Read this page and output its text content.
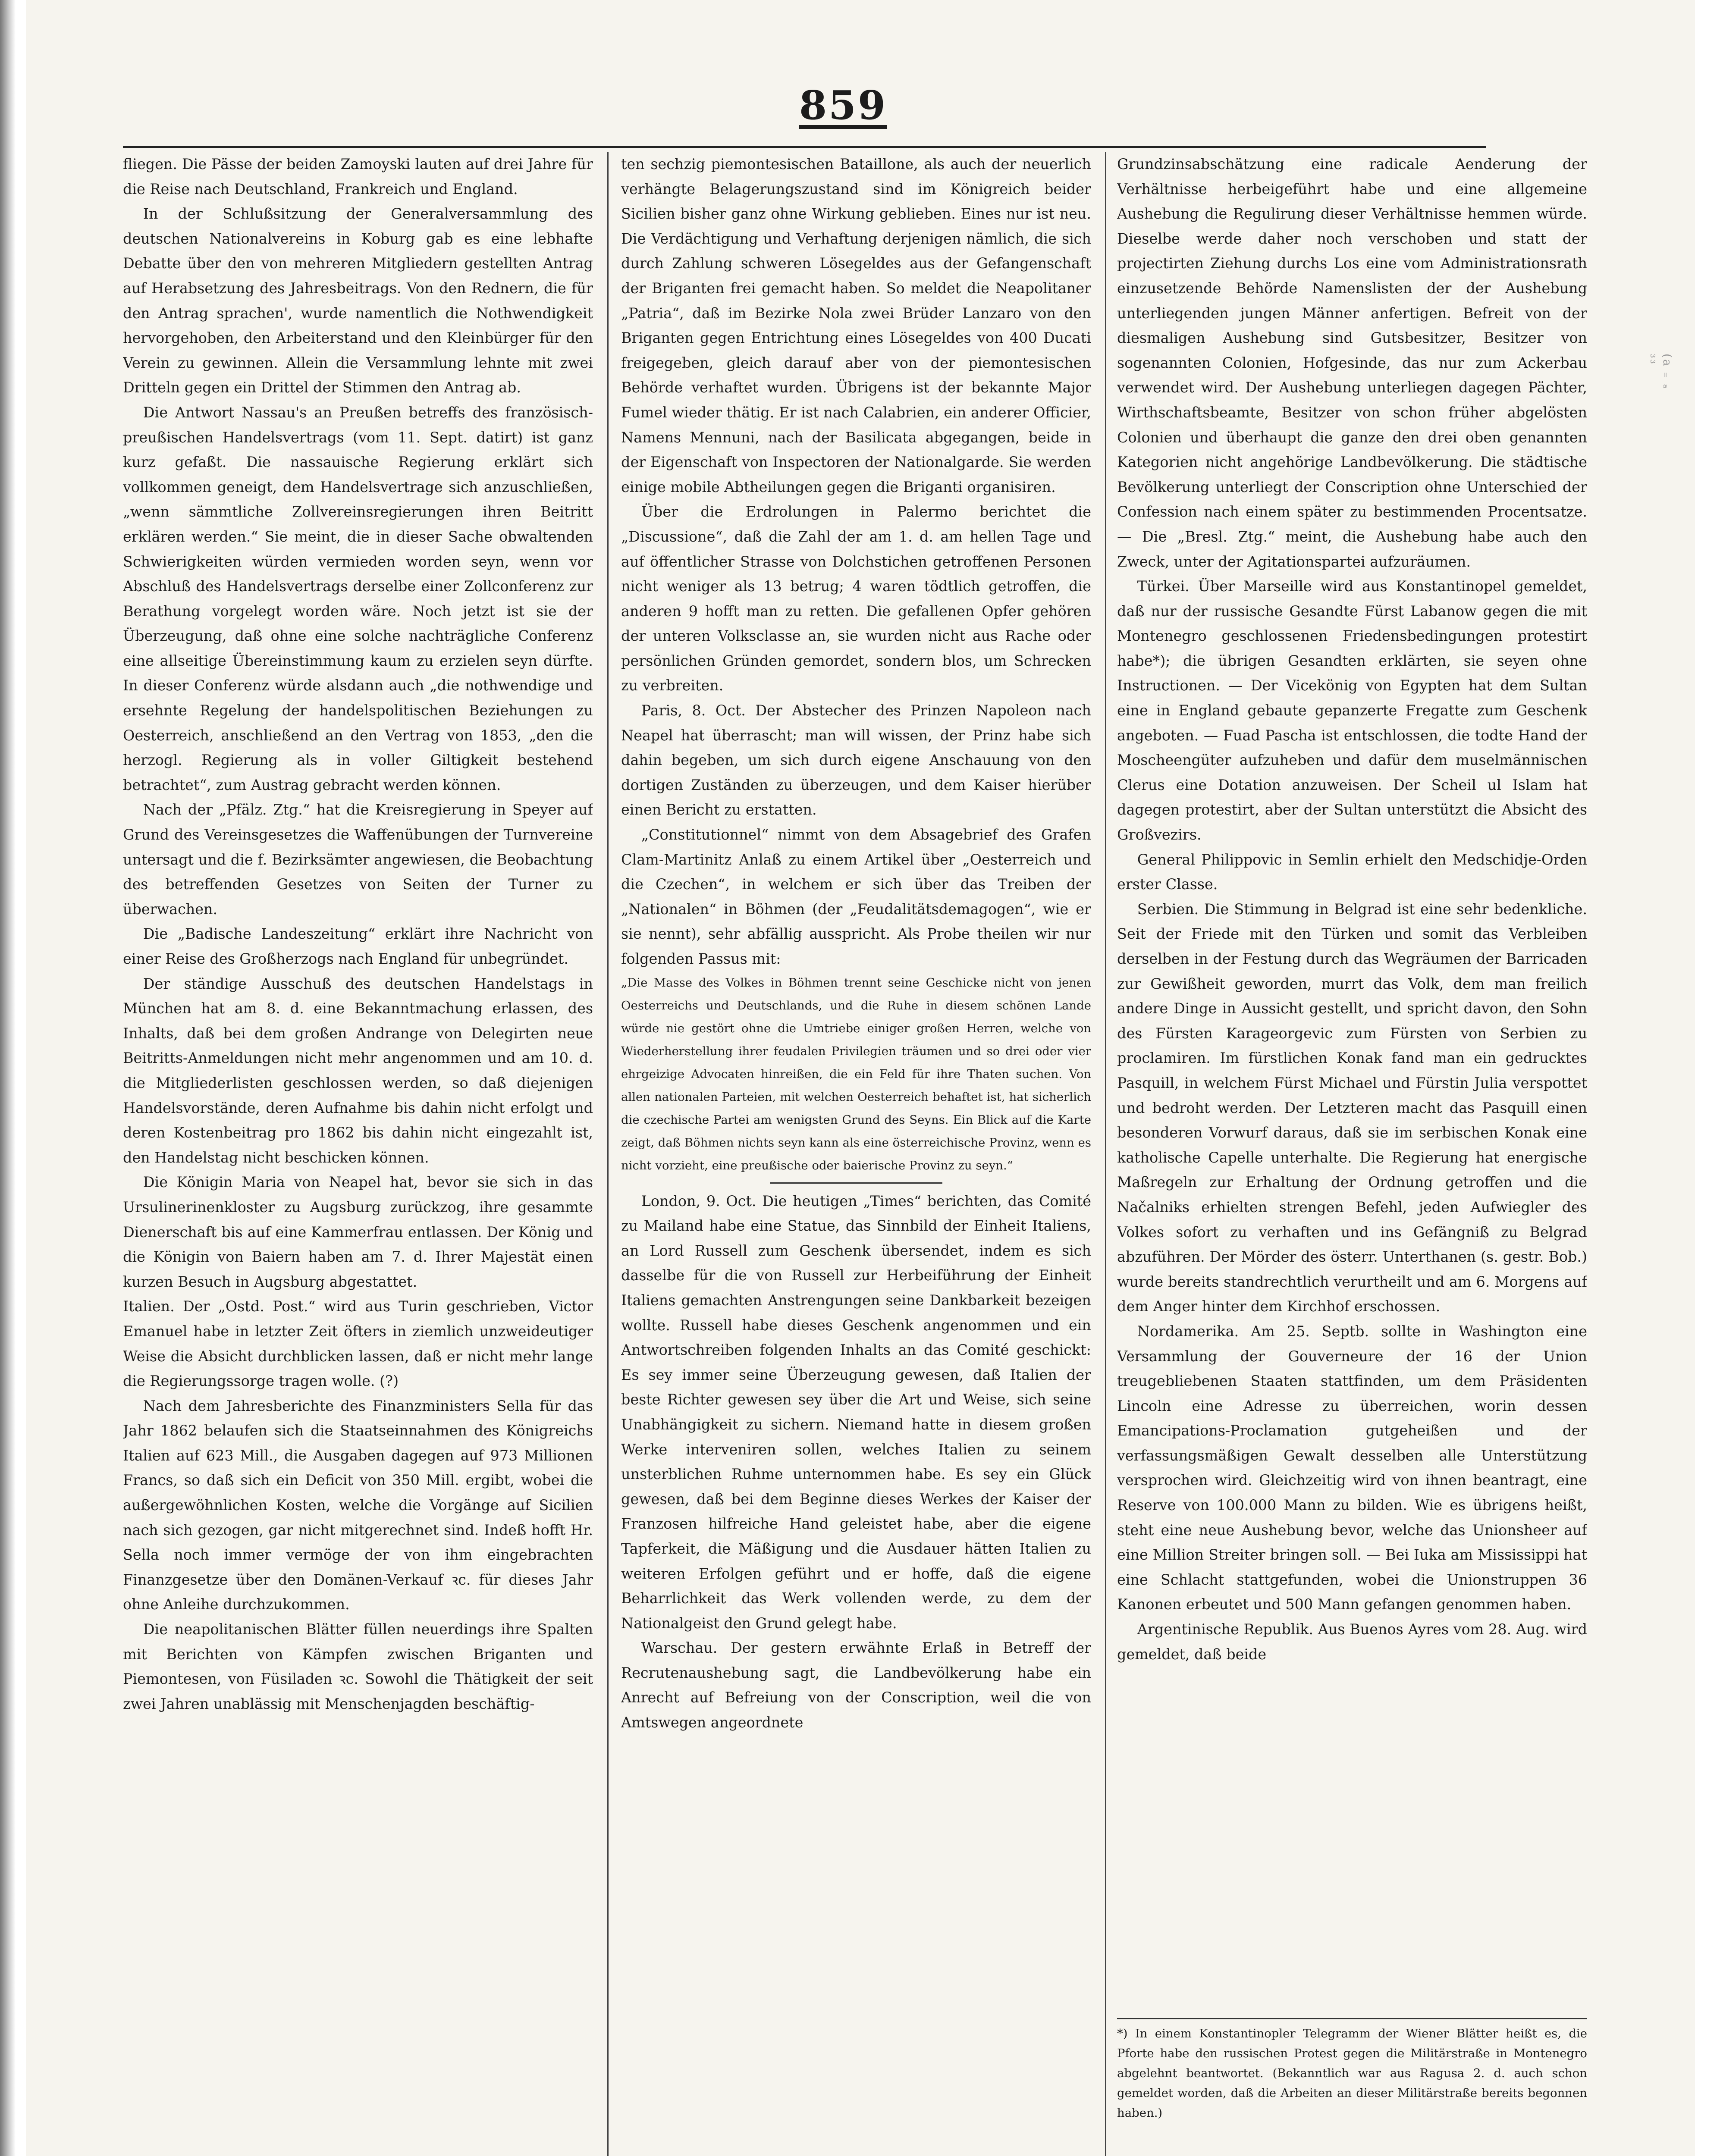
859

fliegen. Die Pässe der beiden Zamoyski lauten auf drei Jahre für die Reise nach Deutschland, Frankreich und England.

In der Schlußsitzung der Generalversammlung des deutschen Nationalvereins in Koburg gab es eine lebhafte Debatte über den von mehreren Mitgliedern gestellten Antrag auf Herabsetzung des Jahresbeitrags. Von den Rednern, die für den Antrag sprachen', wurde namentlich die Nothwendigkeit hervorgehoben, den Arbeiterstand und den Kleinbürger für den Verein zu gewinnen. Allein die Versammlung lehnte mit zwei Dritteln gegen ein Drittel der Stimmen den Antrag ab.

Die Antwort Nassau's an Preußen betreffs des französisch-preußischen Handelsvertrags (vom 11. Sept. datirt) ist ganz kurz gefaßt. Die nassauische Regierung erklärt sich vollkommen geneigt, dem Handelsvertrage sich anzuschließen, „wenn sämmtliche Zollvereinsregierungen ihren Beitritt erklären werden.“ Sie meint, die in dieser Sache obwaltenden Schwierigkeiten würden vermieden worden seyn, wenn vor Abschluß des Handelsvertrags derselbe einer Zollconferenz zur Berathung vorgelegt worden wäre. Noch jetzt ist sie der Überzeugung, daß ohne eine solche nachträgliche Conferenz eine allseitige Übereinstimmung kaum zu erzielen seyn dürfte. In dieser Conferenz würde alsdann auch „die nothwendige und ersehnte Regelung der handelspolitischen Beziehungen zu Oesterreich, anschließend an den Vertrag von 1853, „den die herzogl. Regierung als in voller Giltigkeit bestehend betrachtet“, zum Austrag gebracht werden können.

Nach der „Pfälz. Ztg.“ hat die Kreisregierung in Speyer auf Grund des Vereinsgesetzes die Waffenübungen der Turnvereine untersagt und die f. Bezirksämter angewiesen, die Beobachtung des betreffenden Gesetzes von Seiten der Turner zu überwachen.

Die „Badische Landeszeitung“ erklärt ihre Nachricht von einer Reise des Großherzogs nach England für unbegründet.

Der ständige Ausschuß des deutschen Handelstags in München hat am 8. d. eine Bekanntmachung erlassen, des Inhalts, daß bei dem großen Andrange von Delegirten neue Beitritts-Anmeldungen nicht mehr angenommen und am 10. d. die Mitgliederlisten geschlossen werden, so daß diejenigen Handelsvorstände, deren Aufnahme bis dahin nicht erfolgt und deren Kostenbeitrag pro 1862 bis dahin nicht eingezahlt ist, den Handelstag nicht beschicken können.

Die Königin Maria von Neapel hat, bevor sie sich in das Ursulinerinenkloster zu Augsburg zurückzog, ihre gesammte Dienerschaft bis auf eine Kammerfrau entlassen. Der König und die Königin von Baiern haben am 7. d. Ihrer Majestät einen kurzen Besuch in Augsburg abgestattet.

Italien. Der „Ostd. Post.“ wird aus Turin geschrieben, Victor Emanuel habe in letzter Zeit öfters in ziemlich unzweideutiger Weise die Absicht durchblicken lassen, daß er nicht mehr lange die Regierungssorge tragen wolle. (?)

Nach dem Jahresberichte des Finanzministers Sella für das Jahr 1862 belaufen sich die Staatseinnahmen des Königreichs Italien auf 623 Mill., die Ausgaben dagegen auf 973 Millionen Francs, so daß sich ein Deficit von 350 Mill. ergibt, wobei die außergewöhnlichen Kosten, welche die Vorgänge auf Sicilien nach sich gezogen, gar nicht mitgerechnet sind. Indeß hofft Hr. Sella noch immer vermöge der von ihm eingebrachten Finanzgesetze über den Domänen-Verkauf ꝛc. für dieses Jahr ohne Anleihe durchzukommen.

Die neapolitanischen Blätter füllen neuerdings ihre Spalten mit Berichten von Kämpfen zwischen Briganten und Piemontesen, von Füsiladen ꝛc. Sowohl die Thätigkeit der seit zwei Jahren unablässig mit Menschenjagden beschäftig-

ten sechzig piemontesischen Bataillone, als auch der neuerlich verhängte Belagerungszustand sind im Königreich beider Sicilien bisher ganz ohne Wirkung geblieben. Eines nur ist neu. Die Verdächtigung und Verhaftung derjenigen nämlich, die sich durch Zahlung schweren Lösegeldes aus der Gefangenschaft der Briganten frei gemacht haben. So meldet die Neapolitaner „Patria“, daß im Bezirke Nola zwei Brüder Lanzaro von den Briganten gegen Entrichtung eines Lösegeldes von 400 Ducati freigegeben, gleich darauf aber von der piemontesischen Behörde verhaftet wurden. Übrigens ist der bekannte Major Fumel wieder thätig. Er ist nach Calabrien, ein anderer Officier, Namens Mennuni, nach der Basilicata abgegangen, beide in der Eigenschaft von Inspectoren der Nationalgarde. Sie werden einige mobile Abtheilungen gegen die Briganti organisiren.

Über die Erdrolungen in Palermo berichtet die „Discussione“, daß die Zahl der am 1. d. am hellen Tage und auf öffentlicher Strasse von Dolchstichen getroffenen Personen nicht weniger als 13 betrug; 4 waren tödtlich getroffen, die anderen 9 hofft man zu retten. Die gefallenen Opfer gehören der unteren Volksclasse an, sie wurden nicht aus Rache oder persönlichen Gründen gemordet, sondern blos, um Schrecken zu verbreiten.

Paris, 8. Oct. Der Abstecher des Prinzen Napoleon nach Neapel hat überrascht; man will wissen, der Prinz habe sich dahin begeben, um sich durch eigene Anschauung von den dortigen Zuständen zu überzeugen, und dem Kaiser hierüber einen Bericht zu erstatten.

„Constitutionnel“ nimmt von dem Absagebrief des Grafen Clam-Martinitz Anlaß zu einem Artikel über „Oesterreich und die Czechen“, in welchem er sich über das Treiben der „Nationalen“ in Böhmen (der „Feudalitätsdemagogen“, wie er sie nennt), sehr abfällig ausspricht. Als Probe theilen wir nur folgenden Passus mit:

„Die Masse des Volkes in Böhmen trennt seine Geschicke nicht von jenen Oesterreichs und Deutschlands, und die Ruhe in diesem schönen Lande würde nie gestört ohne die Umtriebe einiger großen Herren, welche von Wiederherstellung ihrer feudalen Privilegien träumen und so drei oder vier ehrgeizige Advocaten hinreißen, die ein Feld für ihre Thaten suchen. Von allen nationalen Parteien, mit welchen Oesterreich behaftet ist, hat sicherlich die czechische Partei am wenigsten Grund des Seyns. Ein Blick auf die Karte zeigt, daß Böhmen nichts seyn kann als eine österreichische Provinz, wenn es nicht vorzieht, eine preußische oder baierische Provinz zu seyn.“

London, 9. Oct. Die heutigen „Times“ berichten, das Comité zu Mailand habe eine Statue, das Sinnbild der Einheit Italiens, an Lord Russell zum Geschenk übersendet, indem es sich dasselbe für die von Russell zur Herbeiführung der Einheit Italiens gemachten Anstrengungen seine Dankbarkeit bezeigen wollte. Russell habe dieses Geschenk angenommen und ein Antwortschreiben folgenden Inhalts an das Comité geschickt: Es sey immer seine Überzeugung gewesen, daß Italien der beste Richter gewesen sey über die Art und Weise, sich seine Unabhängigkeit zu sichern. Niemand hatte in diesem großen Werke interveniren sollen, welches Italien zu seinem unsterblichen Ruhme unternommen habe. Es sey ein Glück gewesen, daß bei dem Beginne dieses Werkes der Kaiser der Franzosen hilfreiche Hand geleistet habe, aber die eigene Tapferkeit, die Mäßigung und die Ausdauer hätten Italien zu weiteren Erfolgen geführt und er hoffe, daß die eigene Beharrlichkeit das Werk vollenden werde, zu dem der Nationalgeist den Grund gelegt habe.

Warschau. Der gestern erwähnte Erlaß in Betreff der Recrutenaushebung sagt, die Landbevölkerung habe ein Anrecht auf Befreiung von der Conscription, weil die von Amtswegen angeordnete

Grundzinsabschätzung eine radicale Aenderung der Verhältnisse herbeigeführt habe und eine allgemeine Aushebung die Regulirung dieser Verhältnisse hemmen würde. Dieselbe werde daher noch verschoben und statt der projectirten Ziehung durchs Los eine vom Administrationsrath einzusetzende Behörde Namenslisten der der Aushebung unterliegenden jungen Männer anfertigen. Befreit von der diesmaligen Aushebung sind Gutsbesitzer, Besitzer von sogenannten Colonien, Hofgesinde, das nur zum Ackerbau verwendet wird. Der Aushebung unterliegen dagegen Pächter, Wirthschaftsbeamte, Besitzer von schon früher abgelösten Colonien und überhaupt die ganze den drei oben genannten Kategorien nicht angehörige Landbevölkerung. Die städtische Bevölkerung unterliegt der Conscription ohne Unterschied der Confession nach einem später zu bestimmenden Procentsatze. — Die „Bresl. Ztg.“ meint, die Aushebung habe auch den Zweck, unter der Agitationspartei aufzuräumen.

Türkei. Über Marseille wird aus Konstantinopel gemeldet, daß nur der russische Gesandte Fürst Labanow gegen die mit Montenegro geschlossenen Friedensbedingungen protestirt habe*); die übrigen Gesandten erklärten, sie seyen ohne Instructionen. — Der Vicekönig von Egypten hat dem Sultan eine in England gebaute gepanzerte Fregatte zum Geschenk angeboten. — Fuad Pascha ist entschlossen, die todte Hand der Moscheengüter aufzuheben und dafür dem muselmännischen Clerus eine Dotation anzuweisen. Der Scheil ul Islam hat dagegen protestirt, aber der Sultan unterstützt die Absicht des Großvezirs.

General Philippovic in Semlin erhielt den Medschidje-Orden erster Classe.

Serbien. Die Stimmung in Belgrad ist eine sehr bedenkliche. Seit der Friede mit den Türken und somit das Verbleiben derselben in der Festung durch das Wegräumen der Barricaden zur Gewißheit geworden, murrt das Volk, dem man freilich andere Dinge in Aussicht gestellt, und spricht davon, den Sohn des Fürsten Karageorgevic zum Fürsten von Serbien zu proclamiren. Im fürstlichen Konak fand man ein gedrucktes Pasquill, in welchem Fürst Michael und Fürstin Julia verspottet und bedroht werden. Der Letzteren macht das Pasquill einen besonderen Vorwurf daraus, daß sie im serbischen Konak eine katholische Capelle unterhalte. Die Regierung hat energische Maßregeln zur Erhaltung der Ordnung getroffen und die Načalniks erhielten strengen Befehl, jeden Aufwiegler des Volkes sofort zu verhaften und ins Gefängniß zu Belgrad abzuführen. Der Mörder des österr. Unterthanen (s. gestr. Bob.) wurde bereits standrechtlich verurtheilt und am 6. Morgens auf dem Anger hinter dem Kirchhof erschossen.

Nordamerika. Am 25. Septb. sollte in Washington eine Versammlung der Gouverneure der 16 der Union treugebliebenen Staaten stattfinden, um dem Präsidenten Lincoln eine Adresse zu überreichen, worin dessen Emancipations-Proclamation gutgeheißen und der verfassungsmäßigen Gewalt desselben alle Unterstützung versprochen wird. Gleichzeitig wird von ihnen beantragt, eine Reserve von 100.000 Mann zu bilden. Wie es übrigens heißt, steht eine neue Aushebung bevor, welche das Unionsheer auf eine Million Streiter bringen soll. — Bei Iuka am Mississippi hat eine Schlacht stattgefunden, wobei die Unionstruppen 36 Kanonen erbeutet und 500 Mann gefangen genommen haben.

Argentinische Republik. Aus Buenos Ayres vom 28. Aug. wird gemeldet, daß beide

*) In einem Konstantinopler Telegramm der Wiener Blätter heißt es, die Pforte habe den russischen Protest gegen die Militärstraße in Montenegro abgelehnt beantwortet. (Bekanntlich war aus Ragusa 2. d. auch schon gemeldet worden, daß die Arbeiten an dieser Militärstraße bereits begonnen haben.)
(a ₌ ₐ ₃₃
